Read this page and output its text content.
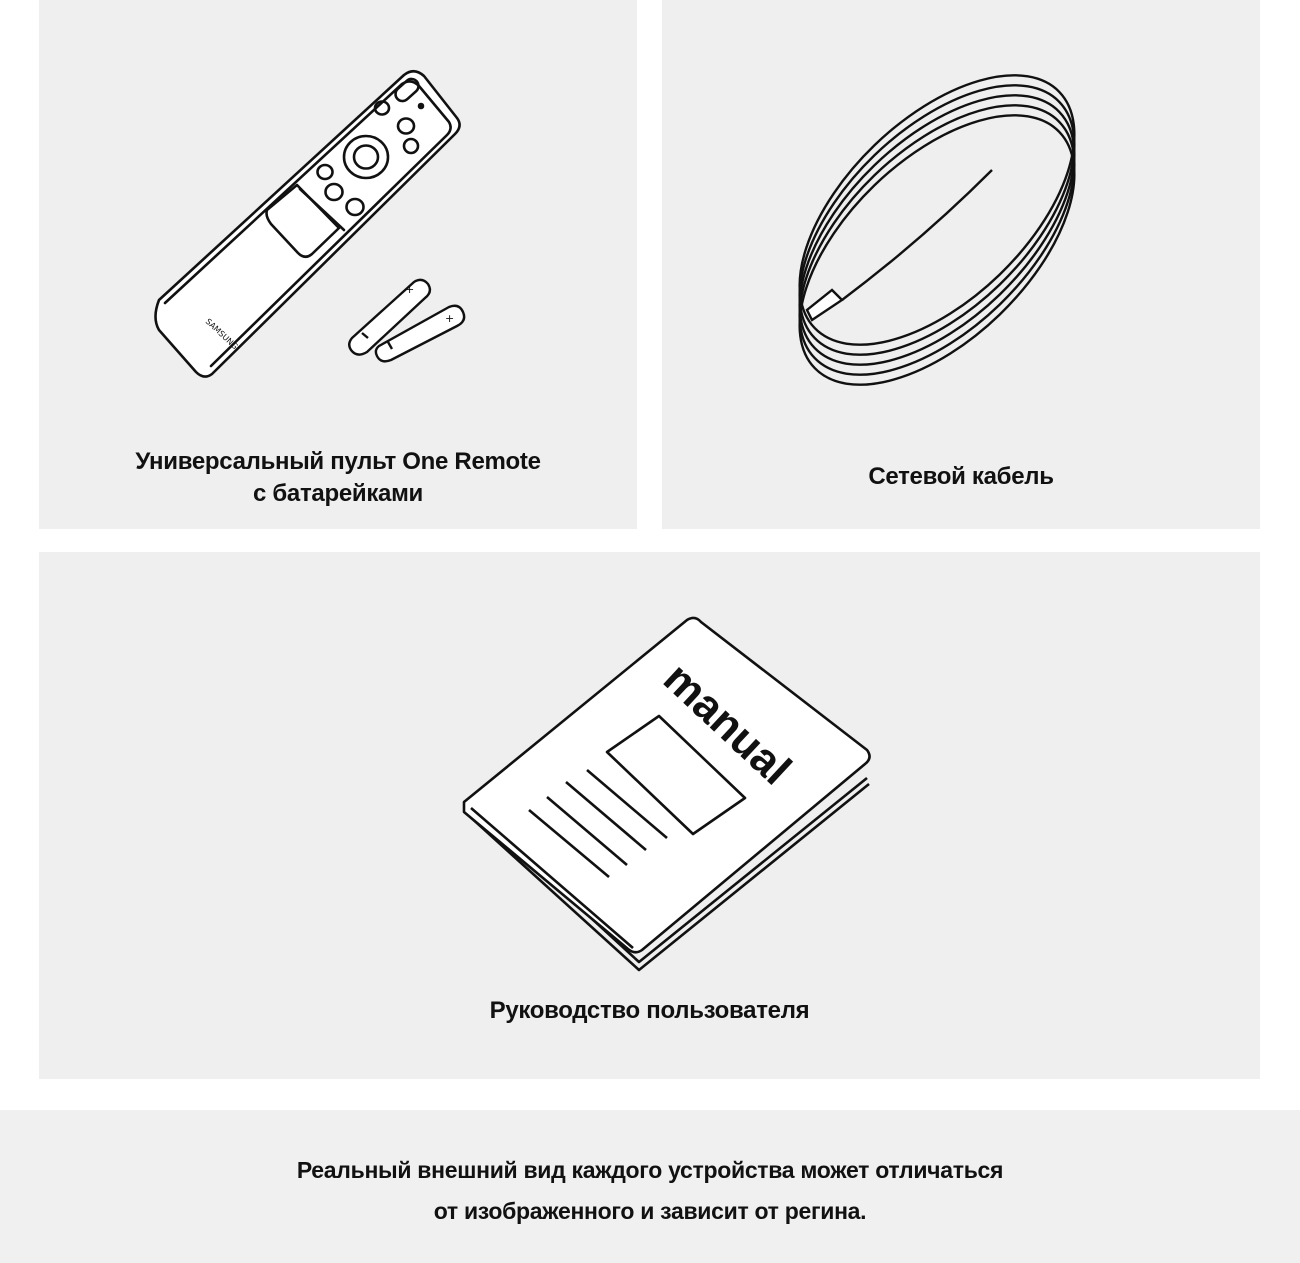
SAMSUNG
+
+
Универсальный пульт One Remote
с батарейками
Сетевой кабель
manual
Руководство пользователя
Реальный внешний вид каждого устройства может отличаться
от изображенного и зависит от регина.
